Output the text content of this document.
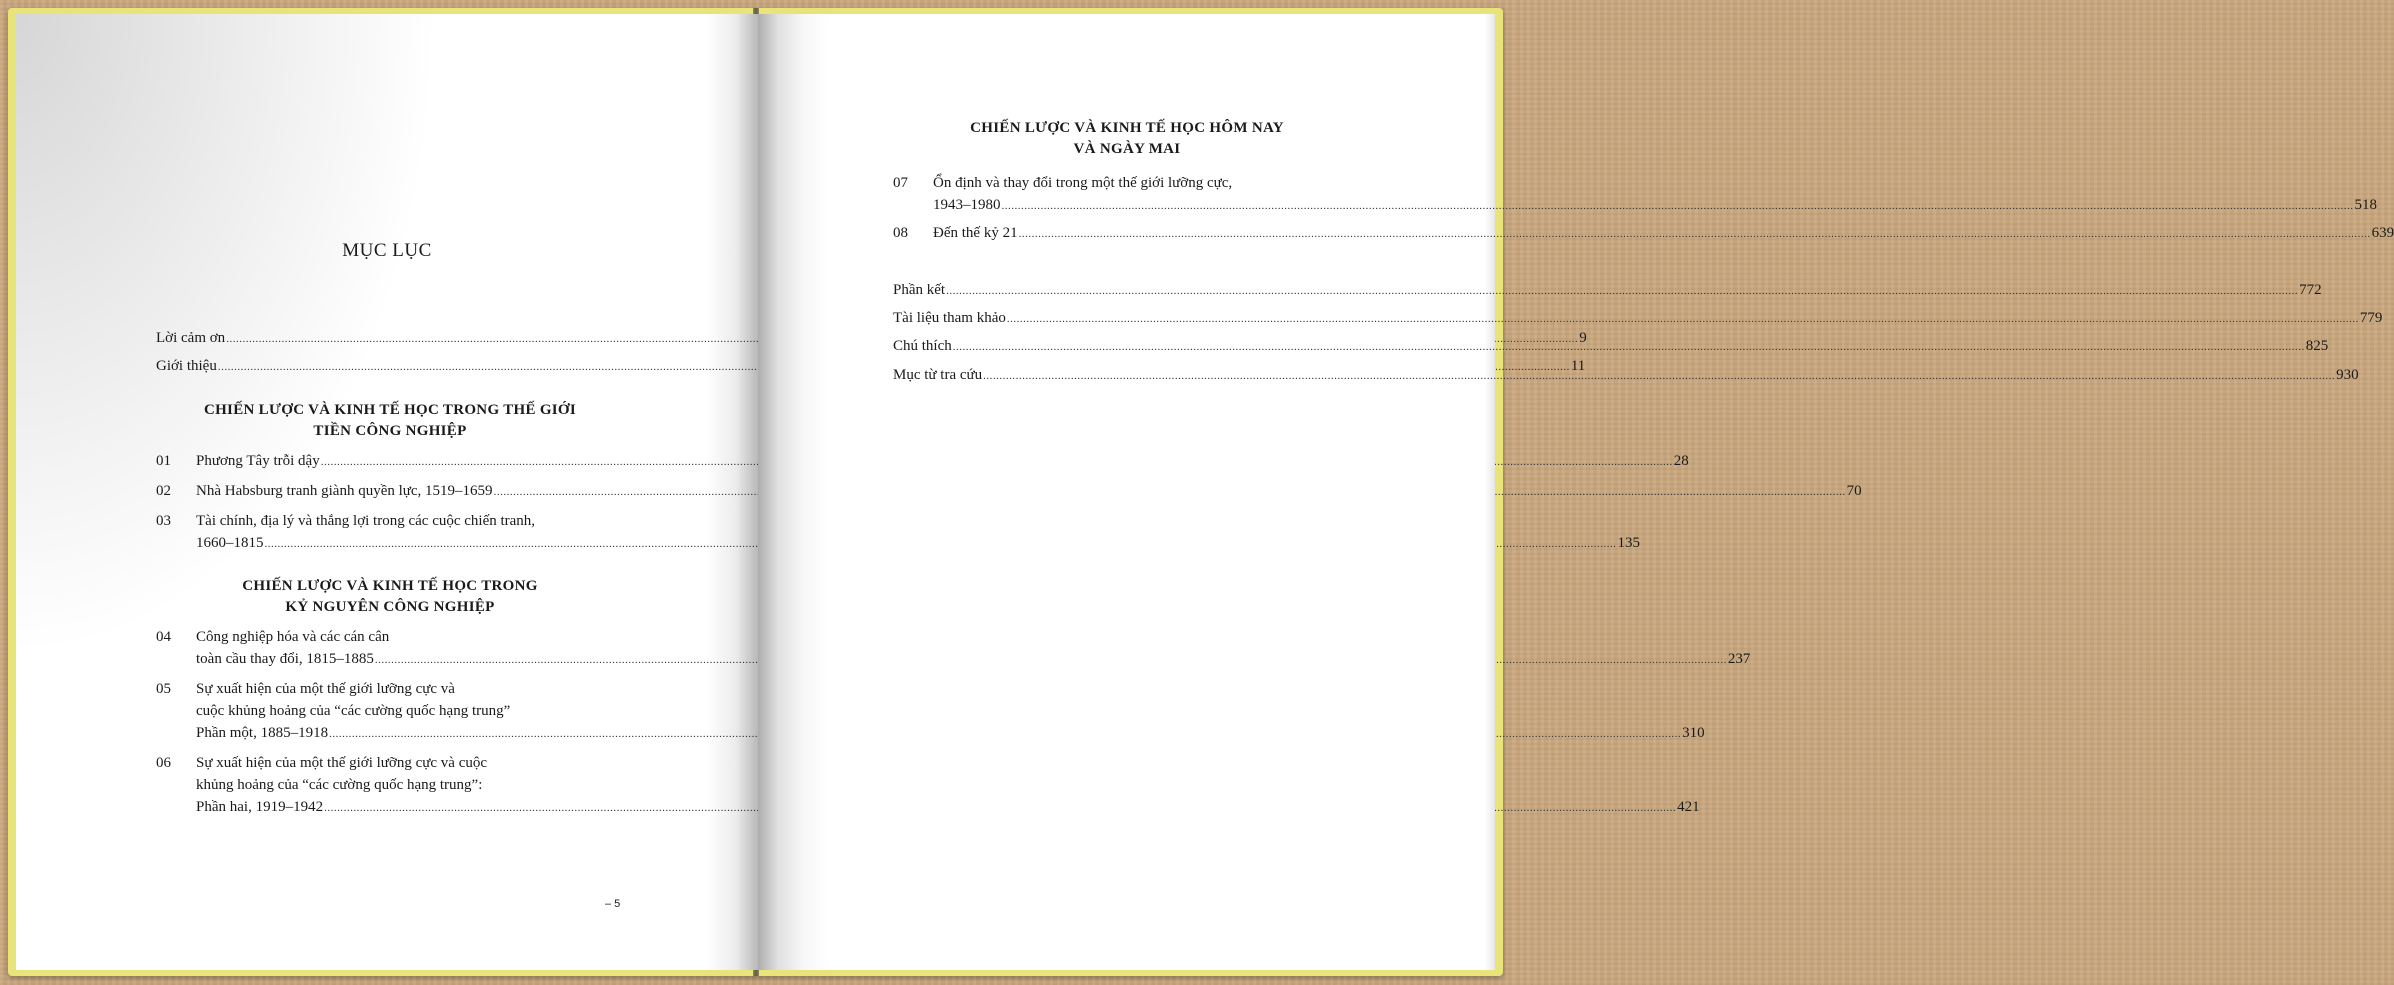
MỤC LỤC
Lời cảm ơn .....	9
Giới thiệu .....	11
CHIẾN LƯỢC VÀ KINH TẾ HỌC TRONG THẾ GIỚI
TIỀN CÔNG NGHIỆP
01	Phương Tây trỗi dậy .....	28
02	Nhà Habsburg tranh giành quyền lực, 1519–1659 .....	70
03	Tài chính, địa lý và thắng lợi trong các cuộc chiến tranh,
1660–1815 .....	135
CHIẾN LƯỢC VÀ KINH TẾ HỌC TRONG
KỶ NGUYÊN CÔNG NGHIỆP
04	Công nghiệp hóa và các cán cân
toàn cầu thay đổi, 1815–1885 .....	237
05	Sự xuất hiện của một thế giới lưỡng cực và
cuộc khủng hoảng của “các cường quốc hạng trung”
Phần một, 1885–1918 .....	310
06	Sự xuất hiện của một thế giới lưỡng cực và cuộc
khủng hoảng của “các cường quốc hạng trung”:
Phần hai, 1919–1942 .....	421
– 5
CHIẾN LƯỢC VÀ KINH TẾ HỌC HÔM NAY
VÀ NGÀY MAI
07	Ổn định và thay đổi trong một thế giới lưỡng cực,
1943–1980 .....	518
08	Đến thế kỷ 21 .....	639
Phần kết .....	772
Tài liệu tham khảo .....	779
Chú thích .....	825
Mục từ tra cứu .....	930
